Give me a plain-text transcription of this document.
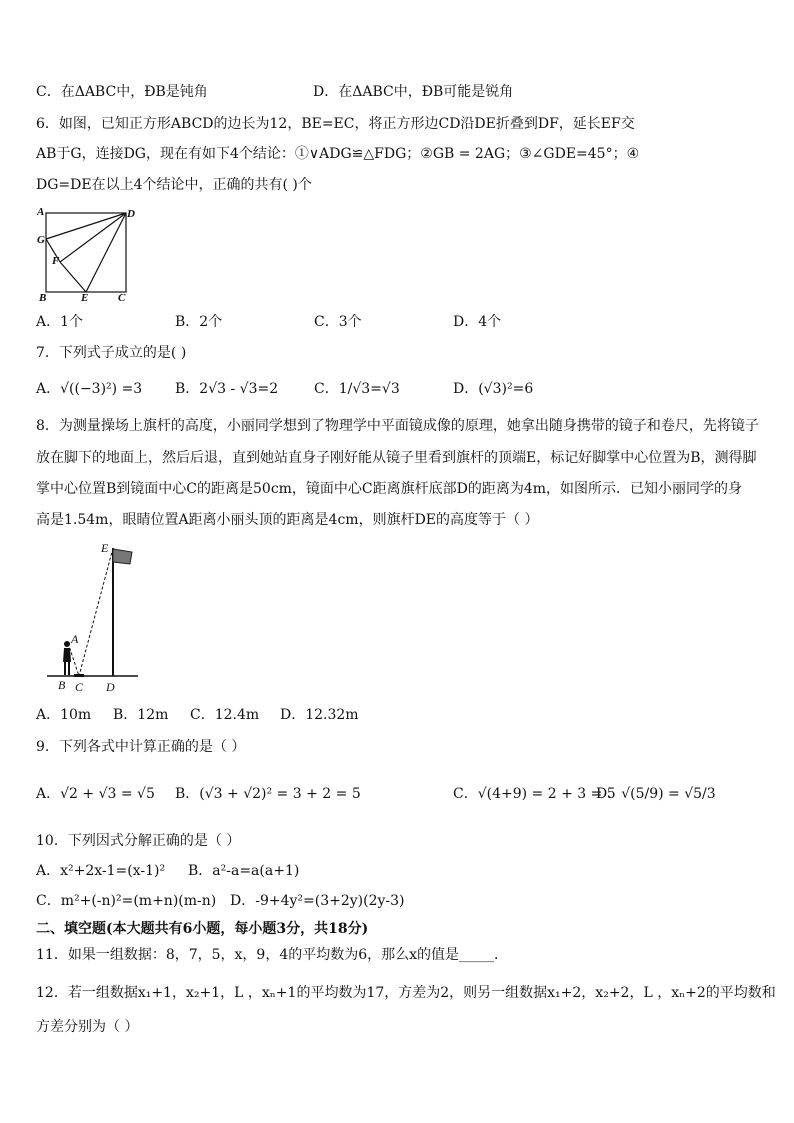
C．在ΔABC中，ÐB是钝角	D．在ΔABC中，ÐB可能是锐角
6．如图，已知正方形ABCD的边长为12，BE=EC，将正方形边CD沿DE折叠到DF，延长EF交
AB于G，连接DG，现在有如下4个结论：①∨ADG≌△FDG；②GB = 2AG；③∠GDE=45°；④
DG=DE在以上4个结论中，正确的共有( )个
A	D
G
F
B	E	C
A．1个	B．2个	C．3个	D．4个
7．下列式子成立的是( )
A．√((−3)²) =3 B．2√3 - √3=2	C．1/√3=√3	D．(√3)²=6
8．为测量操场上旗杆的高度，小丽同学想到了物理学中平面镜成像的原理，她拿出随身携带的镜子和卷尺，先将镜子
放在脚下的地面上，然后后退，直到她站直身子刚好能从镜子里看到旗杆的顶端E，标记好脚掌中心位置为B，测得脚
掌中心位置B到镜面中心C的距离是50cm，镜面中心C距离旗杆底部D的距离为4m，如图所示．已知小丽同学的身
高是1.54m，眼睛位置A距离小丽头顶的距离是4cm，则旗杆DE的高度等于（ ）
E
A
B C D
A．10m B．12m C．12.4m D．12.32m
9．下列各式中计算正确的是（ ）
A．√2 + √3 = √5 B．(√3 + √2)² = 3 + 2 = 5	C．√(4+9) = 2 + 3 = 5
D．√(5/9) = √5/3
10．下列因式分解正确的是（ ）
A．x²+2x-1=(x-1)² B．a²-a=a(a+1)
C．m²+(-n)²=(m+n)(m-n) D．-9+4y²=(3+2y)(2y-3)
二、填空题(本大题共有6小题，每小题3分，共18分)
11．如果一组数据：8，7，5，x，9，4的平均数为6，那么x的值是_____．
12．若一组数据x₁+1，x₂+1，L ，xₙ+1的平均数为17，方差为2，则另一组数据x₁+2，x₂+2，L ，xₙ+2的平均数和
方差分别为（ ）
